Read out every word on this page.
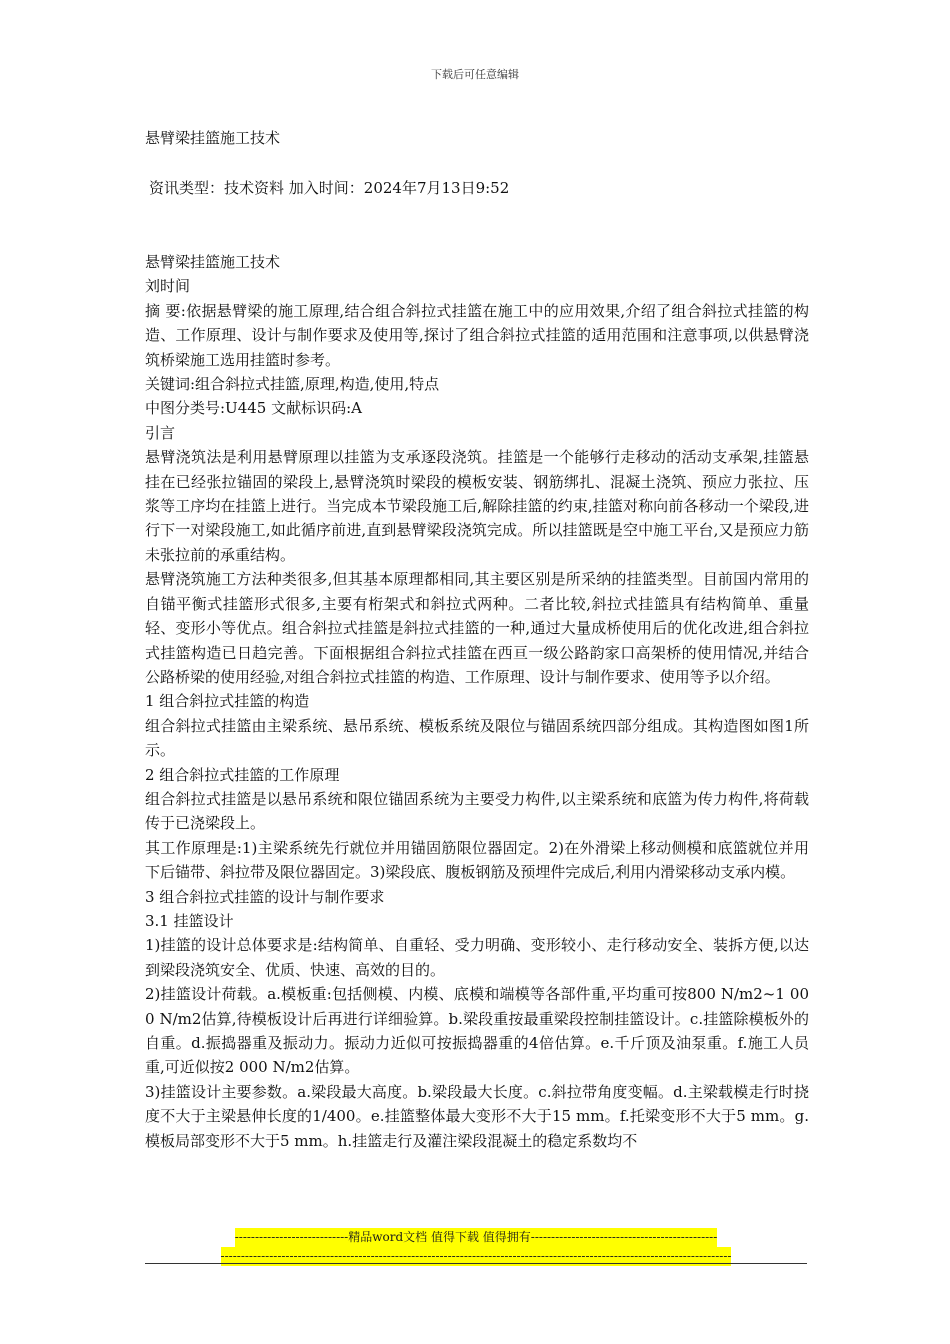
下载后可任意编辑
悬臂梁挂篮施工技术
资讯类型：技术资料 加入时间：2024年7月13日9:52

悬臂梁挂篮施工技术

刘时间

摘 要:依据悬臂梁的施工原理,结合组合斜拉式挂篮在施工中的应用效果,介绍了组合斜拉式挂篮的构造、工作原理、设计与制作要求及使用等,探讨了组合斜拉式挂篮的适用范围和注意事项,以供悬臂浇筑桥梁施工选用挂篮时参考。

关键词:组合斜拉式挂篮,原理,构造,使用,特点

中图分类号:U445 文献标识码:A

引言

悬臂浇筑法是利用悬臂原理以挂篮为支承逐段浇筑。挂篮是一个能够行走移动的活动支承架,挂篮悬挂在已经张拉锚固的梁段上,悬臂浇筑时梁段的模板安装、钢筋绑扎、混凝土浇筑、预应力张拉、压浆等工序均在挂篮上进行。当完成本节梁段施工后,解除挂篮的约束,挂篮对称向前各移动一个梁段,进行下一对梁段施工,如此循序前进,直到悬臂梁段浇筑完成。所以挂篮既是空中施工平台,又是预应力筋未张拉前的承重结构。

悬臂浇筑施工方法种类很多,但其基本原理都相同,其主要区别是所采纳的挂篮类型。目前国内常用的自锚平衡式挂篮形式很多,主要有桁架式和斜拉式两种。二者比较,斜拉式挂篮具有结构简单、重量轻、变形小等优点。组合斜拉式挂篮是斜拉式挂篮的一种,通过大量成桥使用后的优化改进,组合斜拉式挂篮构造已日趋完善。下面根据组合斜拉式挂篮在西亘一级公路韵家口高架桥的使用情况,并结合公路桥梁的使用经验,对组合斜拉式挂篮的构造、工作原理、设计与制作要求、使用等予以介绍。

1 组合斜拉式挂篮的构造

组合斜拉式挂篮由主梁系统、悬吊系统、模板系统及限位与锚固系统四部分组成。其构造图如图1所示。

2 组合斜拉式挂篮的工作原理

组合斜拉式挂篮是以悬吊系统和限位锚固系统为主要受力构件,以主梁系统和底篮为传力构件,将荷载传于已浇梁段上。

其工作原理是:1)主梁系统先行就位并用锚固筋限位器固定。2)在外滑梁上移动侧模和底篮就位并用下后锚带、斜拉带及限位器固定。3)梁段底、腹板钢筋及预埋件完成后,利用内滑梁移动支承内模。

3 组合斜拉式挂篮的设计与制作要求

3.1 挂篮设计

1)挂篮的设计总体要求是:结构简单、自重轻、受力明确、变形较小、走行移动安全、装拆方便,以达到梁段浇筑安全、优质、快速、高效的目的。

2)挂篮设计荷载。a.模板重:包括侧模、内模、底模和端模等各部件重,平均重可按800 N/m2~1 000 N/m2估算,待模板设计后再进行详细验算。b.梁段重按最重梁段控制挂篮设计。c.挂篮除模板外的自重。d.振捣器重及振动力。振动力近似可按振捣器重的4倍估算。e.千斤顶及油泵重。f.施工人员重,可近似按2 000 N/m2估算。

3)挂篮设计主要参数。a.梁段最大高度。b.梁段最大长度。c.斜拉带角度变幅。d.主梁载模走行时挠度不大于主梁悬伸长度的1/400。e.挂篮整体最大变形不大于15 mm。f.托梁变形不大于5 mm。g.模板局部变形不大于5 mm。h.挂篮走行及灌注梁段混凝土的稳定系数均不

----------------------------精品word文档 值得下载 值得拥有----------------------------------------------
------------------------------------------------------------------------------------------------------------------------------
